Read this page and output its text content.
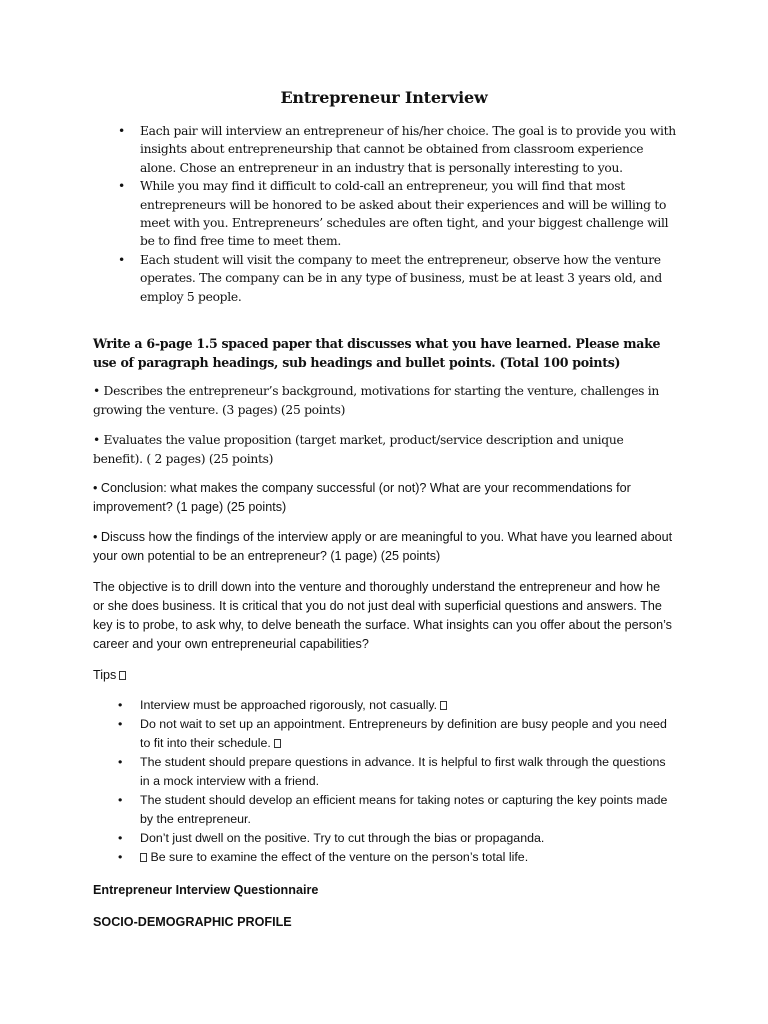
Entrepreneur Interview
• Each pair will interview an entrepreneur of his/her choice. The goal is to provide you with insights about entrepreneurship that cannot be obtained from classroom experience alone. Chose an entrepreneur in an industry that is personally interesting to you.
• While you may find it difficult to cold-call an entrepreneur, you will find that most entrepreneurs will be honored to be asked about their experiences and will be willing to meet with you. Entrepreneurs’ schedules are often tight, and your biggest challenge will be to find free time to meet them.
• Each student will visit the company to meet the entrepreneur, observe how the venture operates. The company can be in any type of business, must be at least 3 years old, and employ 5 people.
Write a 6-page 1.5 spaced paper that discusses what you have learned. Please make use of paragraph headings, sub headings and bullet points. (Total 100 points)
• Describes the entrepreneur’s background, motivations for starting the venture, challenges in growing the venture. (3 pages) (25 points)
• Evaluates the value proposition (target market, product/service description and unique benefit). ( 2 pages) (25 points)
• Conclusion: what makes the company successful (or not)? What are your recommendations for improvement? (1 page) (25 points)
• Discuss how the findings of the interview apply or are meaningful to you. What have you learned about your own potential to be an entrepreneur? (1 page) (25 points)
The objective is to drill down into the venture and thoroughly understand the entrepreneur and how he or she does business. It is critical that you do not just deal with superficial questions and answers. The key is to probe, to ask why, to delve beneath the surface. What insights can you offer about the person’s career and your own entrepreneurial capabilities?
Tips
• Interview must be approached rigorously, not casually.
• Do not wait to set up an appointment. Entrepreneurs by definition are busy people and you need to fit into their schedule.
• The student should prepare questions in advance. It is helpful to first walk through the questions in a mock interview with a friend.
• The student should develop an efficient means for taking notes or capturing the key points made by the entrepreneur.
• Don’t just dwell on the positive. Try to cut through the bias or propaganda.
• Be sure to examine the effect of the venture on the person’s total life.
Entrepreneur Interview Questionnaire
SOCIO-DEMOGRAPHIC PROFILE
